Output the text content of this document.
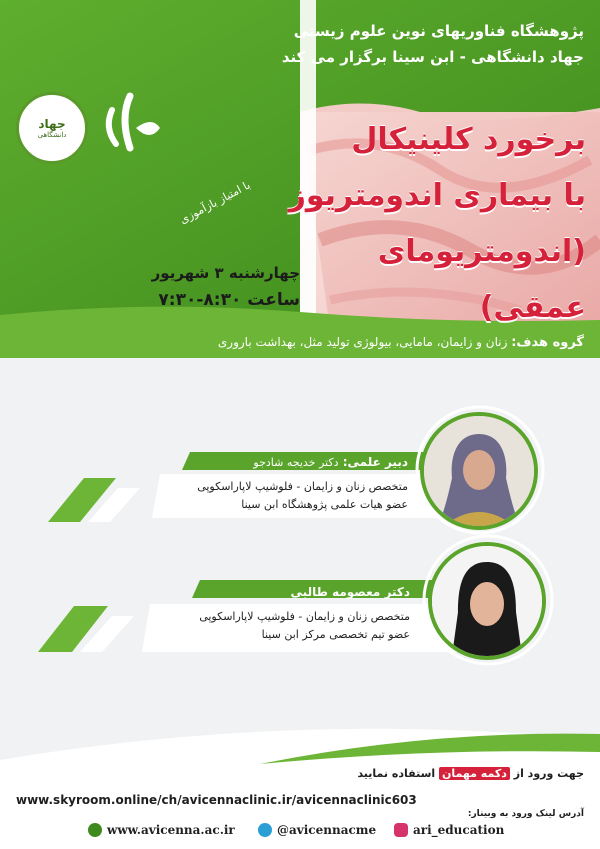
پژوهشگاه فناوریهای نوین علوم زیستی
جهاد دانشگاهی - ابن سینا برگزار می کند
جهاد
دانشگاهی
با امتیاز بازآموزی
برخورد کلینیکال
با بیماری اندومتریوز
(اندومتریومای عمقی)
چهارشنبه ۳ شهریور
ساعت ۸:۳۰-۷:۳۰
گروه هدف: زنان و زایمان، مامایی، بیولوژی تولید مثل، بهداشت باروری
دبیر علمی: دکتر خدیجه شادجو
متخصص زنان و زایمان - فلوشیپ لاپاراسکوپی
عضو هیات علمی پژوهشگاه ابن سینا
دکتر معصومه طالبی
متخصص زنان و زایمان - فلوشیپ لاپاراسکوپی
عضو تیم تخصصی مرکز ابن سینا
جهت ورود از دکمه مهمان استفاده نمایید
www.skyroom.online/ch/avicennaclinic.ir/avicennaclinic603
آدرس لینک ورود به وبینار:
www.avicenna.ac.ir	@avicennacme	ari_education
